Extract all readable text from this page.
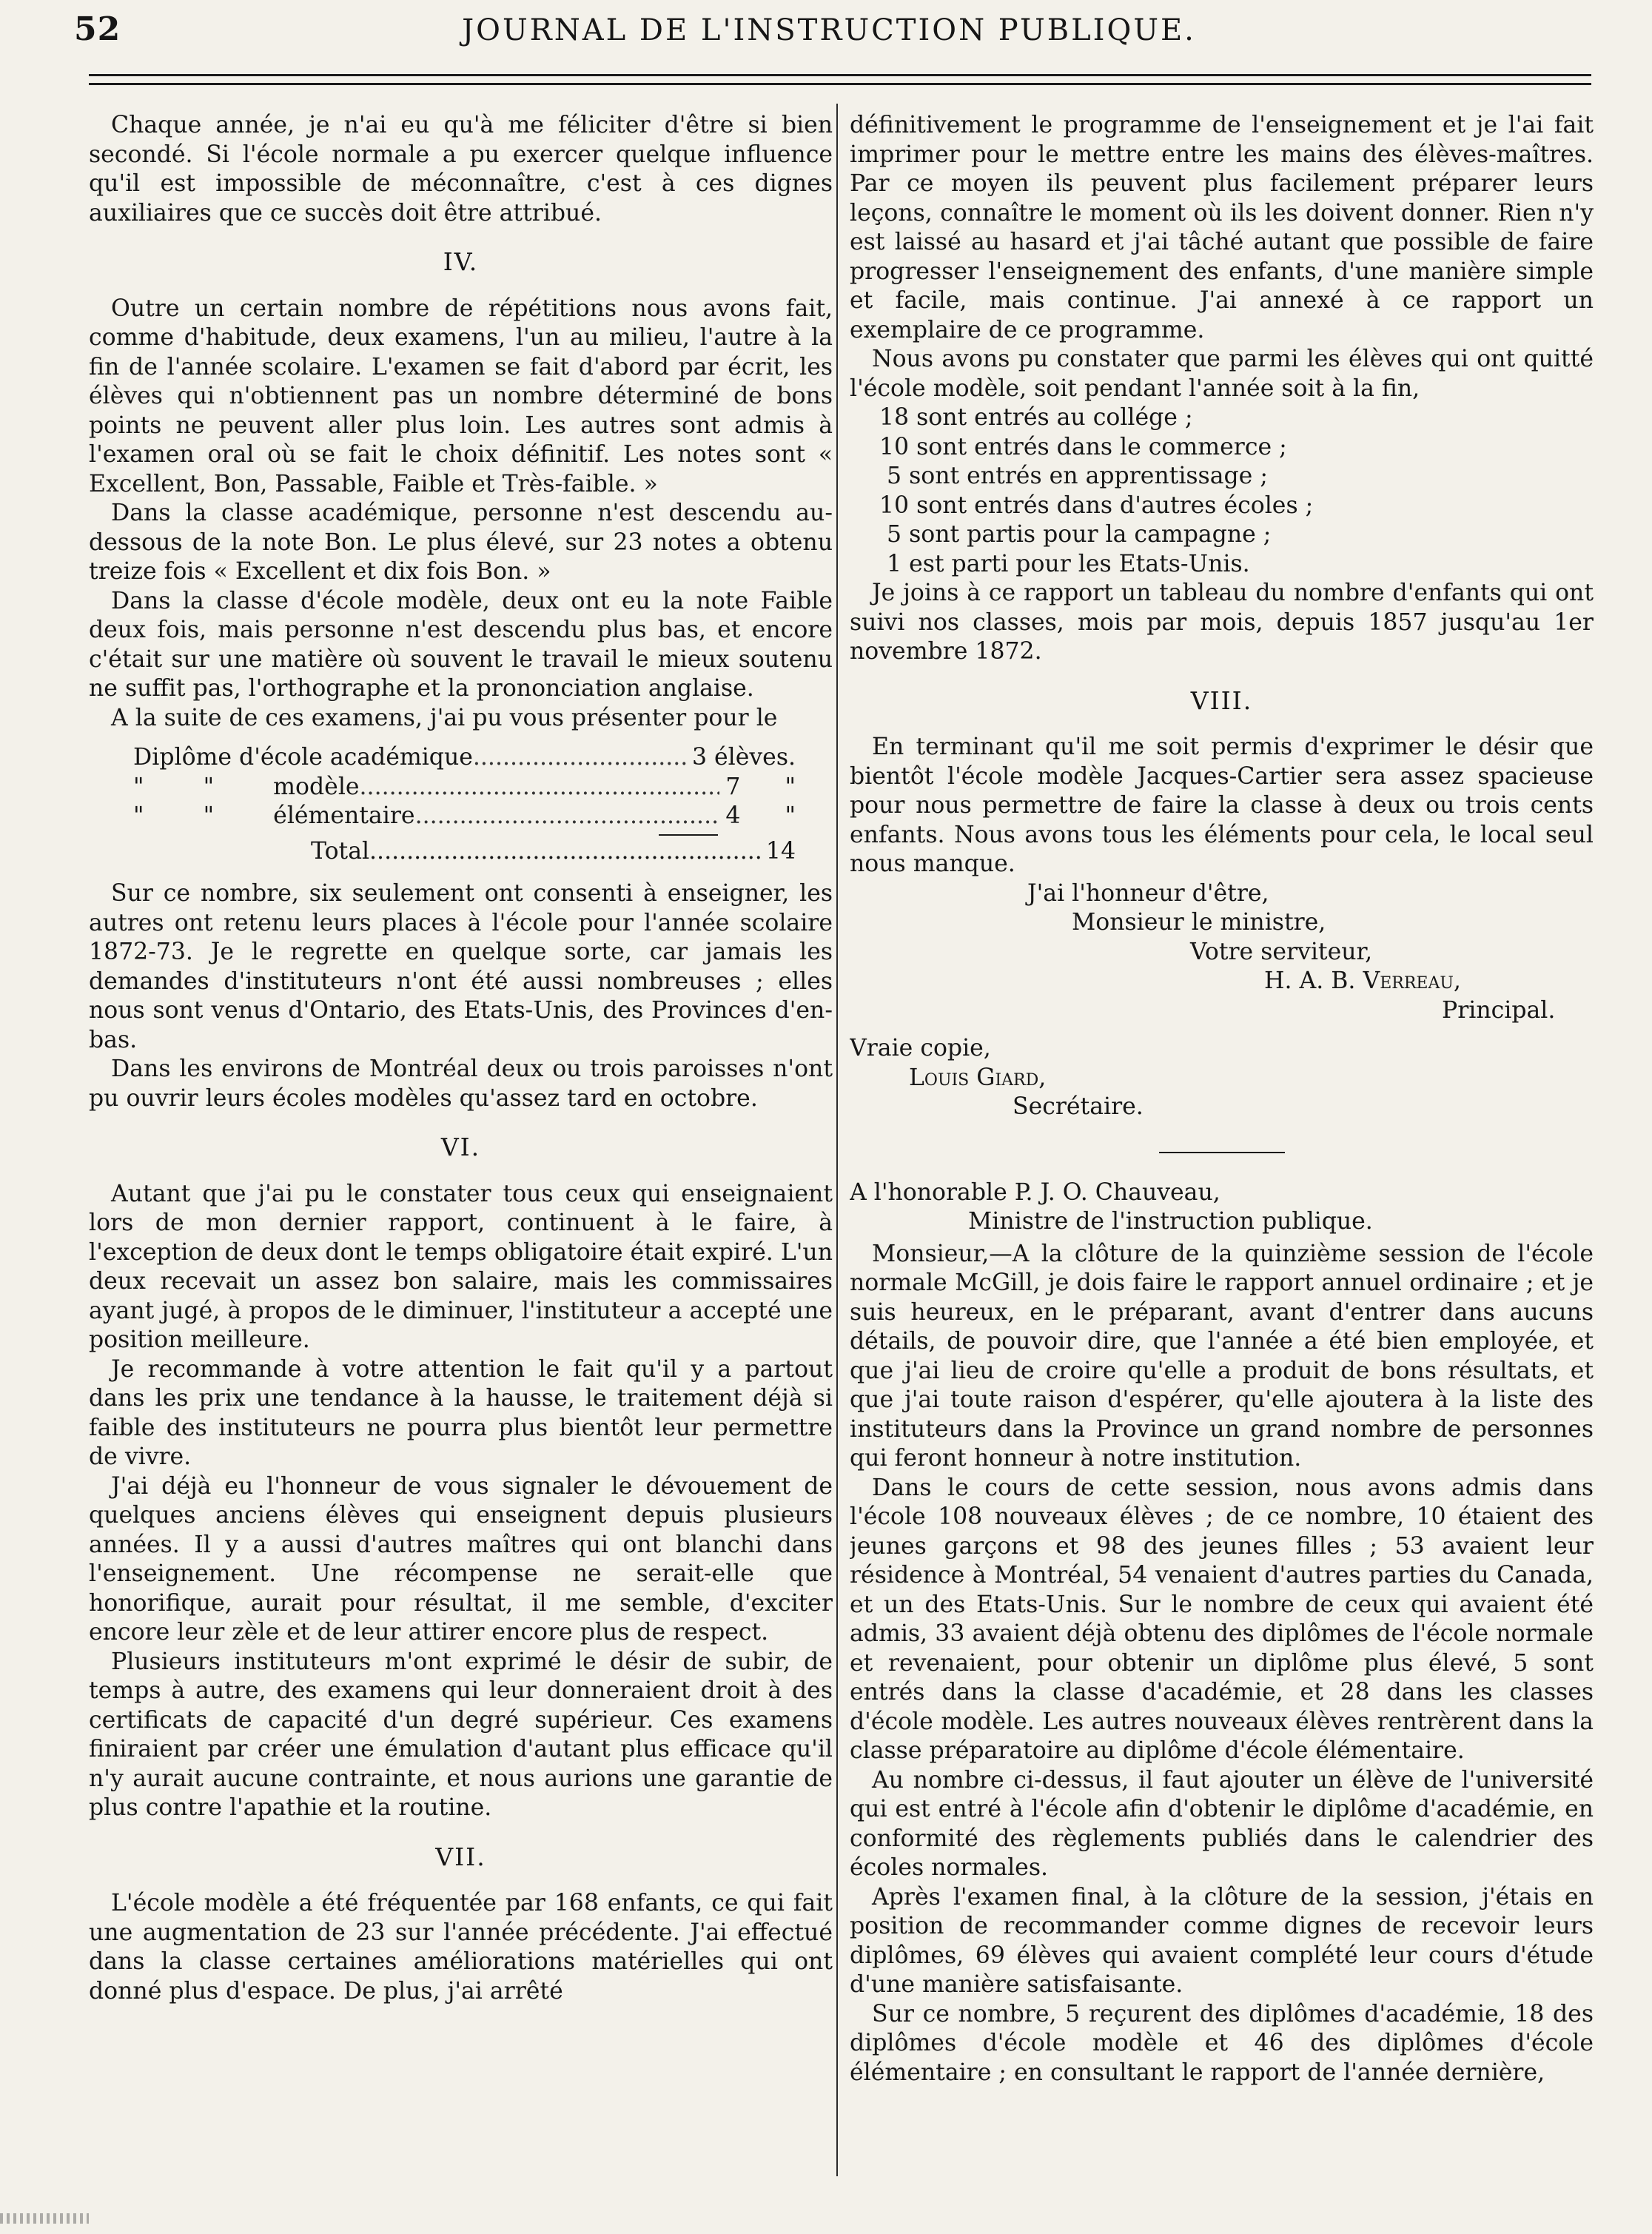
52	JOURNAL DE L'INSTRUCTION PUBLIQUE.

Chaque année, je n'ai eu qu'à me féliciter d'être si bien secondé. Si l'école normale a pu exercer quelque influence qu'il est impossible de méconnaître, c'est à ces dignes auxiliaires que ce succès doit être attribué.

IV.

Outre un certain nombre de répétitions nous avons fait, comme d'habitude, deux examens, l'un au milieu, l'autre à la fin de l'année scolaire. L'examen se fait d'abord par écrit, les élèves qui n'obtiennent pas un nombre déterminé de bons points ne peuvent aller plus loin. Les autres sont admis à l'examen oral où se fait le choix définitif. Les notes sont « Excellent, Bon, Passable, Faible et Très-faible. »

Dans la classe académique, personne n'est descendu au-dessous de la note Bon. Le plus élevé, sur 23 notes a obtenu treize fois « Excellent et dix fois Bon. »

Dans la classe d'école modèle, deux ont eu la note Faible deux fois, mais personne n'est descendu plus bas, et encore c'était sur une matière où souvent le travail le mieux soutenu ne suffit pas, l'orthographe et la prononciation anglaise.

A la suite de ces examens, j'ai pu vous présenter pour le

Diplôme d'école académique .....	3 élèves.
"        "        modèle .....	7      "
"        "        élémentaire .....	4      "
Total .....	14

Sur ce nombre, six seulement ont consenti à enseigner, les autres ont retenu leurs places à l'école pour l'année scolaire 1872-73. Je le regrette en quelque sorte, car jamais les demandes d'instituteurs n'ont été aussi nombreuses ; elles nous sont venus d'Ontario, des Etats-Unis, des Provinces d'en-bas.

Dans les environs de Montréal deux ou trois paroisses n'ont pu ouvrir leurs écoles modèles qu'assez tard en octobre.

VI.

Autant que j'ai pu le constater tous ceux qui enseignaient lors de mon dernier rapport, continuent à le faire, à l'exception de deux dont le temps obligatoire était expiré. L'un deux recevait un assez bon salaire, mais les commissaires ayant jugé, à propos de le diminuer, l'instituteur a accepté une position meilleure.

Je recommande à votre attention le fait qu'il y a partout dans les prix une tendance à la hausse, le traitement déjà si faible des instituteurs ne pourra plus bientôt leur permettre de vivre.

J'ai déjà eu l'honneur de vous signaler le dévouement de quelques anciens élèves qui enseignent depuis plusieurs années. Il y a aussi d'autres maîtres qui ont blanchi dans l'enseignement. Une récompense ne serait-elle que honorifique, aurait pour résultat, il me semble, d'exciter encore leur zèle et de leur attirer encore plus de respect.

Plusieurs instituteurs m'ont exprimé le désir de subir, de temps à autre, des examens qui leur donneraient droit à des certificats de capacité d'un degré supérieur. Ces examens finiraient par créer une émulation d'autant plus efficace qu'il n'y aurait aucune contrainte, et nous aurions une garantie de plus contre l'apathie et la routine.

VII.

L'école modèle a été fréquentée par 168 enfants, ce qui fait une augmentation de 23 sur l'année précédente. J'ai effectué dans la classe certaines améliorations matérielles qui ont donné plus d'espace. De plus, j'ai arrêté

définitivement le programme de l'enseignement et je l'ai fait imprimer pour le mettre entre les mains des élèves-maîtres. Par ce moyen ils peuvent plus facilement préparer leurs leçons, connaître le moment où ils les doivent donner. Rien n'y est laissé au hasard et j'ai tâché autant que possible de faire progresser l'enseignement des enfants, d'une manière simple et facile, mais continue. J'ai annexé à ce rapport un exemplaire de ce programme.

Nous avons pu constater que parmi les élèves qui ont quitté l'école modèle, soit pendant l'année soit à la fin,

18 sont entrés au collége ;
10 sont entrés dans le commerce ;
5 sont entrés en apprentissage ;
10 sont entrés dans d'autres écoles ;
5 sont partis pour la campagne ;
1 est parti pour les Etats-Unis.

Je joins à ce rapport un tableau du nombre d'enfants qui ont suivi nos classes, mois par mois, depuis 1857 jusqu'au 1er novembre 1872.

VIII.

En terminant qu'il me soit permis d'exprimer le désir que bientôt l'école modèle Jacques-Cartier sera assez spacieuse pour nous permettre de faire la classe à deux ou trois cents enfants. Nous avons tous les éléments pour cela, le local seul nous manque.

J'ai l'honneur d'être,
Monsieur le ministre,
Votre serviteur,
H. A. B. Verreau,
Principal.
Vraie copie,
Louis Giard,
Secrétaire.
A l'honorable P. J. O. Chauveau,
Ministre de l'instruction publique.

Monsieur,—A la clôture de la quinzième session de l'école normale McGill, je dois faire le rapport annuel ordinaire ; et je suis heureux, en le préparant, avant d'entrer dans aucuns détails, de pouvoir dire, que l'année a été bien employée, et que j'ai lieu de croire qu'elle a produit de bons résultats, et que j'ai toute raison d'espérer, qu'elle ajoutera à la liste des instituteurs dans la Province un grand nombre de personnes qui feront honneur à notre institution.

Dans le cours de cette session, nous avons admis dans l'école 108 nouveaux élèves ; de ce nombre, 10 étaient des jeunes garçons et 98 des jeunes filles ; 53 avaient leur résidence à Montréal, 54 venaient d'autres parties du Canada, et un des Etats-Unis. Sur le nombre de ceux qui avaient été admis, 33 avaient déjà obtenu des diplômes de l'école normale et revenaient, pour obtenir un diplôme plus élevé, 5 sont entrés dans la classe d'académie, et 28 dans les classes d'école modèle. Les autres nouveaux élèves rentrèrent dans la classe préparatoire au diplôme d'école élémentaire.

Au nombre ci-dessus, il faut ajouter un élève de l'université qui est entré à l'école afin d'obtenir le diplôme d'académie, en conformité des règlements publiés dans le calendrier des écoles normales.

Après l'examen final, à la clôture de la session, j'étais en position de recommander comme dignes de recevoir leurs diplômes, 69 élèves qui avaient complété leur cours d'étude d'une manière satisfaisante.

Sur ce nombre, 5 reçurent des diplômes d'académie, 18 des diplômes d'école modèle et 46 des diplômes d'école élémentaire ; en consultant le rapport de l'année dernière,
